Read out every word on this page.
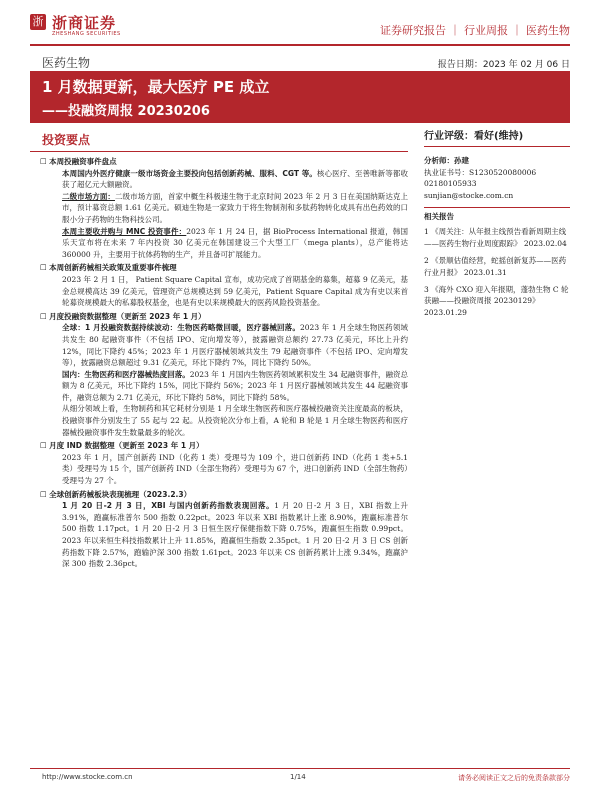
浙 浙商证券
ZHESHANG SECURITIES	证券研究报告 ｜ 行业周报 ｜ 医药生物
医药生物	报告日期：2023 年 02 月 06 日
1 月数据更新，最大医疗 PE 成立
——投融资周报 20230206
投资要点

☐ 本周投融资事件盘点

本周国内外医疗健康一级市场资金主要投向包括创新药械、服料、CGT 等。核心医疗、至善唯新等都收获了超亿元大额融资。

二级市场方面：二级市场方面，首家中概生科极速生物于北京时间 2023 年 2 月 3 日在美国纳斯达克上市，预计募资总额 1.61 亿美元。硕迪生物是一家致力于将生物制剂和多肽药物转化成具有出色药效的口服小分子药物的生物科技公司。

本周主要收并购与 MNC 投资事件：2023 年 1 月 24 日，据 BioProcess International 报道，韩国乐天宣布将在未来 7 年内投资 30 亿美元在韩国建设三个大型工厂（mega plants），总产能将达 360000 升，主要用于抗体药物的生产，并且备可扩展能力。

☐ 本周创新药械相关政策及重要事件梳理

2023 年 2 月 1 日， Patient Square Capital 宣布，成功完成了首期基金的募集，超募 9 亿美元，基金总规模高达 39 亿美元，管理资产总规模达到 59 亿美元，Patient Square Capital 成为有史以来首轮募资规模最大的私募股权基金，也是有史以来规模最大的医药风险投资基金。

☐ 月度投融资数据整理（更新至 2023 年 1 月）

全球：1 月投融资数据持续波动：生物医药略微回暖，医疗器械回落。2023 年 1 月全球生物医药领域共发生 80 起融资事件（不包括 IPO、定向增发等），披露融资总额约 27.73 亿美元，环比上升约 12%，同比下降约 45%；2023 年 1 月医疗器械领域共发生 79 起融资事件（不包括 IPO、定向增发等），披露融资总额超过 9.31 亿美元，环比下降约 7%，同比下降约 50%。

国内：生物医药和医疗器械热度回落。2023 年 1 月国内生物医药领域累积发生 34 起融资事件，融资总额为 8 亿美元，环比下降约 15%，同比下降约 56%；2023 年 1 月医疗器械领域共发生 44 起融资事件，融资总额为 2.71 亿美元，环比下降约 58%，同比下降约 58%。

从细分领域上看，生物制药和其它耗材分别是 1 月全球生物医药和医疗器械投融资关注度最高的板块，投融资事件分别发生了 55 起与 22 起。从投资轮次分布上看，A 轮和 B 轮是 1 月全球生物医药和医疗器械投融资事件发生数量最多的轮次。

☐ 月度 IND 数据整理（更新至 2023 年 1 月）

2023 年 1 月，国产创新药 IND（化药 1 类）受理号为 109 个，进口创新药 IND（化药 1 类+5.1 类）受理号为 15 个，国产创新药 IND（全部生物药）受理号为 67 个，进口创新药 IND（全部生物药）受理号为 27 个。

☐ 全球创新药械板块表现梳理（2023.2.3）

1 月 20 日-2 月 3 日，XBI 与国内创新药指数表现回落。1 月 20 日-2 月 3 日，XBI 指数上升 3.91%，跑赢标准普尔 500 指数 0.22pct。2023 年以来 XBI 指数累计上涨 8.90%，跑赢标准普尔 500 指数 1.17pct。1 月 20 日-2 月 3 日恒生医疗保健指数下降 0.75%，跑赢恒生指数 0.99pct。2023 年以来恒生科技指数累计上升 11.85%，跑赢恒生指数 2.35pct。1 月 20 日-2 月 3 日 CS 创新药指数下降 2.57%，跑输沪深 300 指数 1.61pct。2023 年以来 CS 创新药累计上涨 9.34%，跑赢沪深 300 指数 2.36pct。

行业评级：看好(维持)

分析师：孙建

执业证书号：S1230520080006

02180105933

sunjian@stocke.com.cn

相关报告

1 《周关注：从年报主线预告看新周期主线——医药生物行业周度跟踪》 2023.02.04

2 《景顺估值经营，蛇摇创新复苏——医药行业月报》 2023.01.31

3 《海外 CXO 迎入年报期，蓬勃生物 C 轮获融——投融资周报 20230129》 2023.01.29

http://www.stocke.com.cn	1/14	请务必阅读正文之后的免责条款部分
